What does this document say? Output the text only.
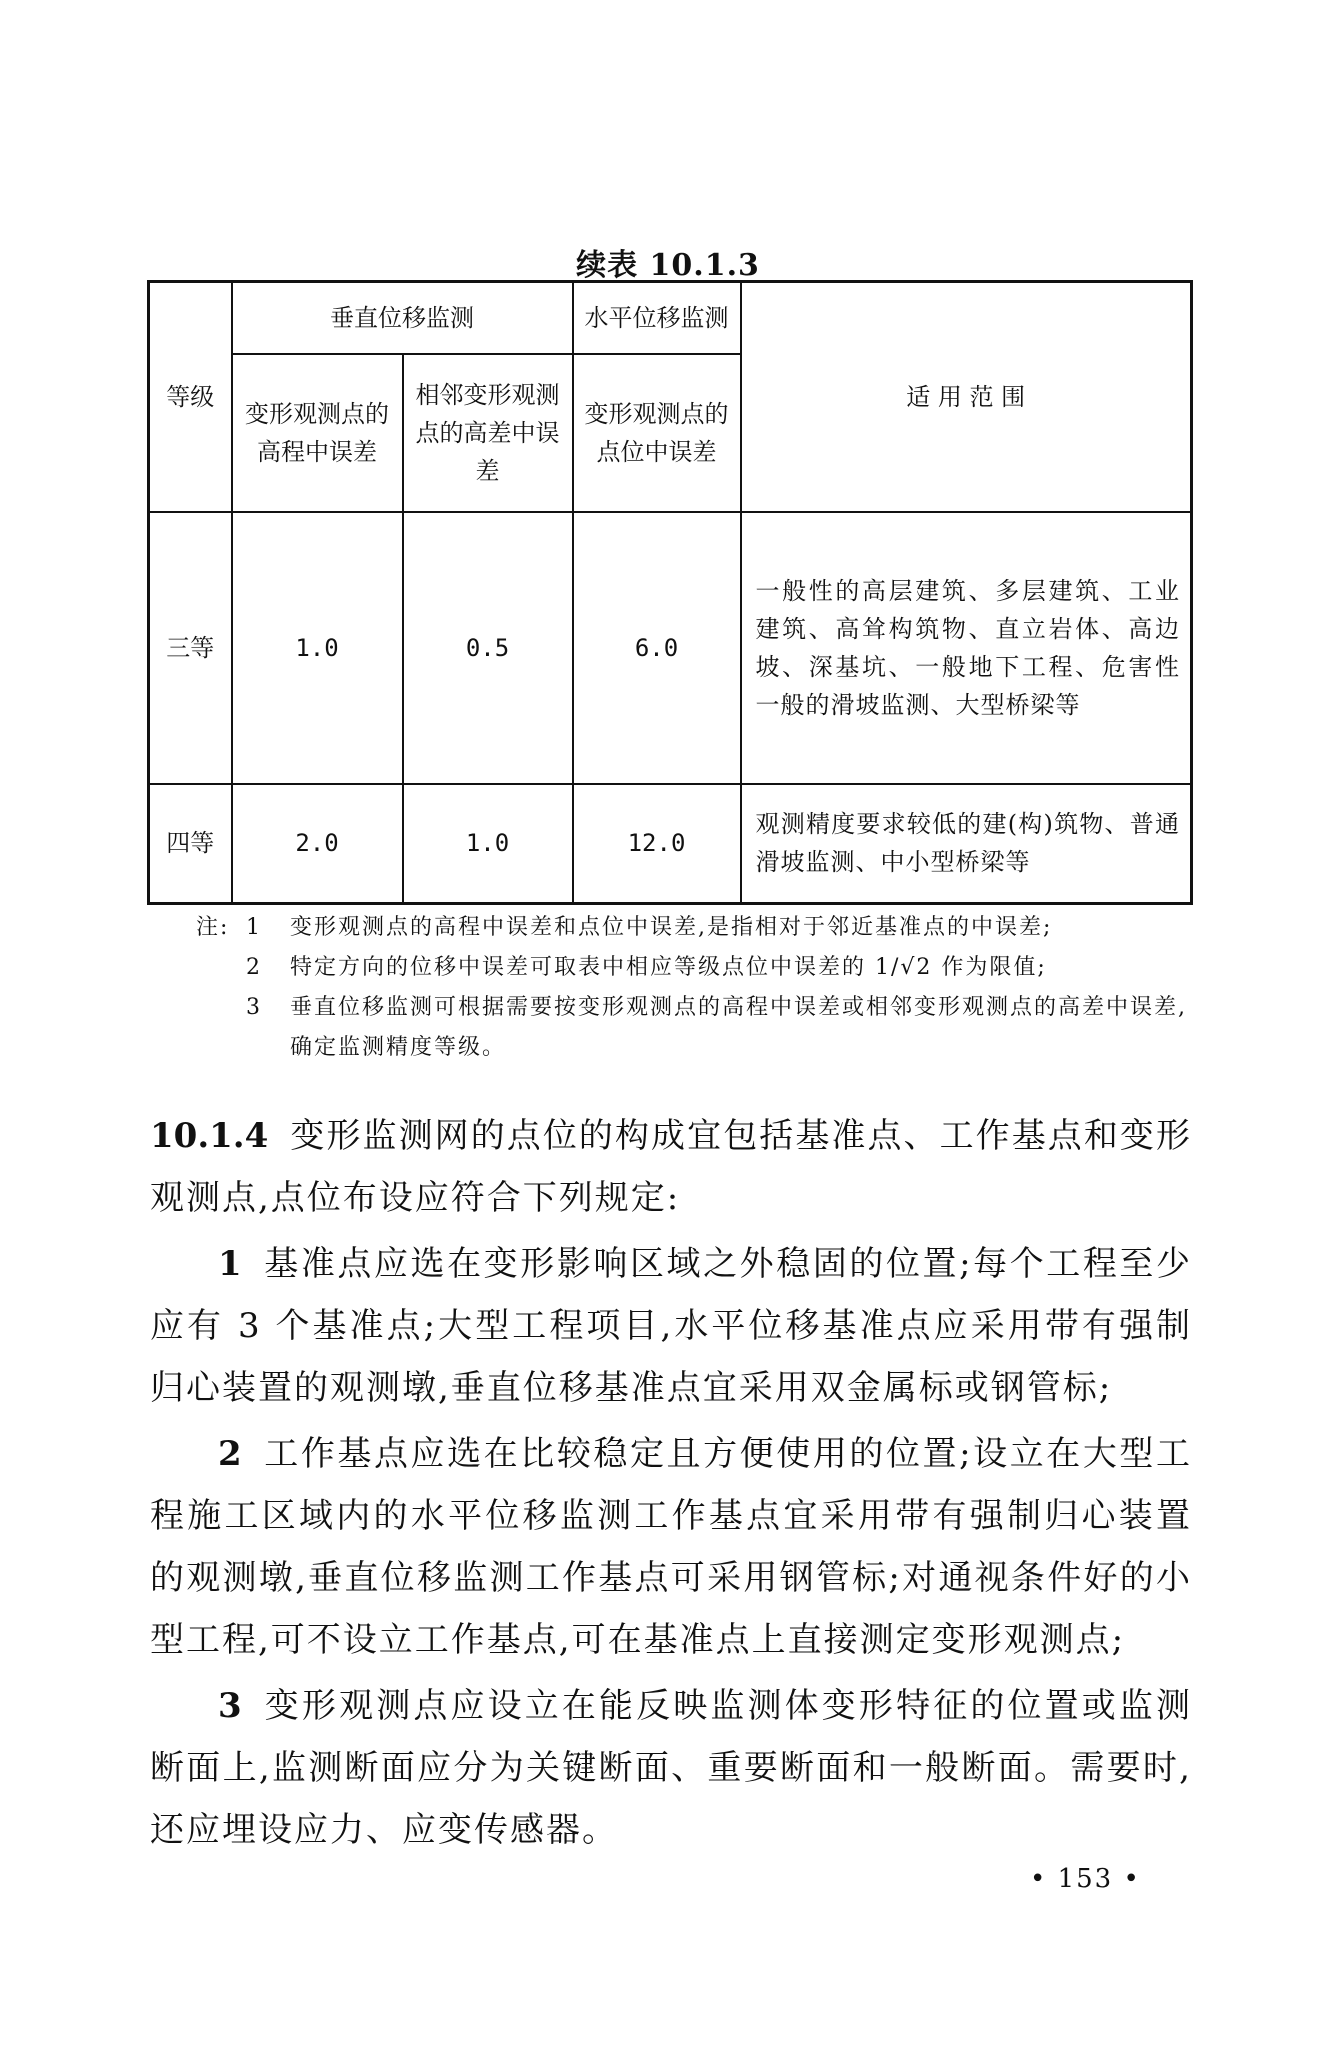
续表 10.1.3
等级	垂直位移监测		水平位移监测	适 用 范 围
	变形观测点的高程中误差	相邻变形观测点的高差中误差	变形观测点的点位中误差	
三等	1.0	0.5	6.0	一般性的高层建筑、多层建筑、工业建筑、高耸构筑物、直立岩体、高边坡、深基坑、一般地下工程、危害性一般的滑坡监测、大型桥梁等

四等	2.0	1.0	12.0	观测精度要求较低的建(构)筑物、普通滑坡监测、中小型桥梁等
注: 1 变形观测点的高程中误差和点位中误差,是指相对于邻近基准点的中误差;
2 特定方向的位移中误差可取表中相应等级点位中误差的 1/√2 作为限值;
3 垂直位移监测可根据需要按变形观测点的高程中误差或相邻变形观测点的高差中误差,确定监测精度等级。

10.1.4 变形监测网的点位的构成宜包括基准点、工作基点和变形观测点,点位布设应符合下列规定:

1 基准点应选在变形影响区域之外稳固的位置;每个工程至少应有 3 个基准点;大型工程项目,水平位移基准点应采用带有强制归心装置的观测墩,垂直位移基准点宜采用双金属标或钢管标;

2 工作基点应选在比较稳定且方便使用的位置;设立在大型工程施工区域内的水平位移监测工作基点宜采用带有强制归心装置的观测墩,垂直位移监测工作基点可采用钢管标;对通视条件好的小型工程,可不设立工作基点,可在基准点上直接测定变形观测点;

3 变形观测点应设立在能反映监测体变形特征的位置或监测断面上,监测断面应分为关键断面、重要断面和一般断面。需要时,还应埋设应力、应变传感器。

• 153 •
